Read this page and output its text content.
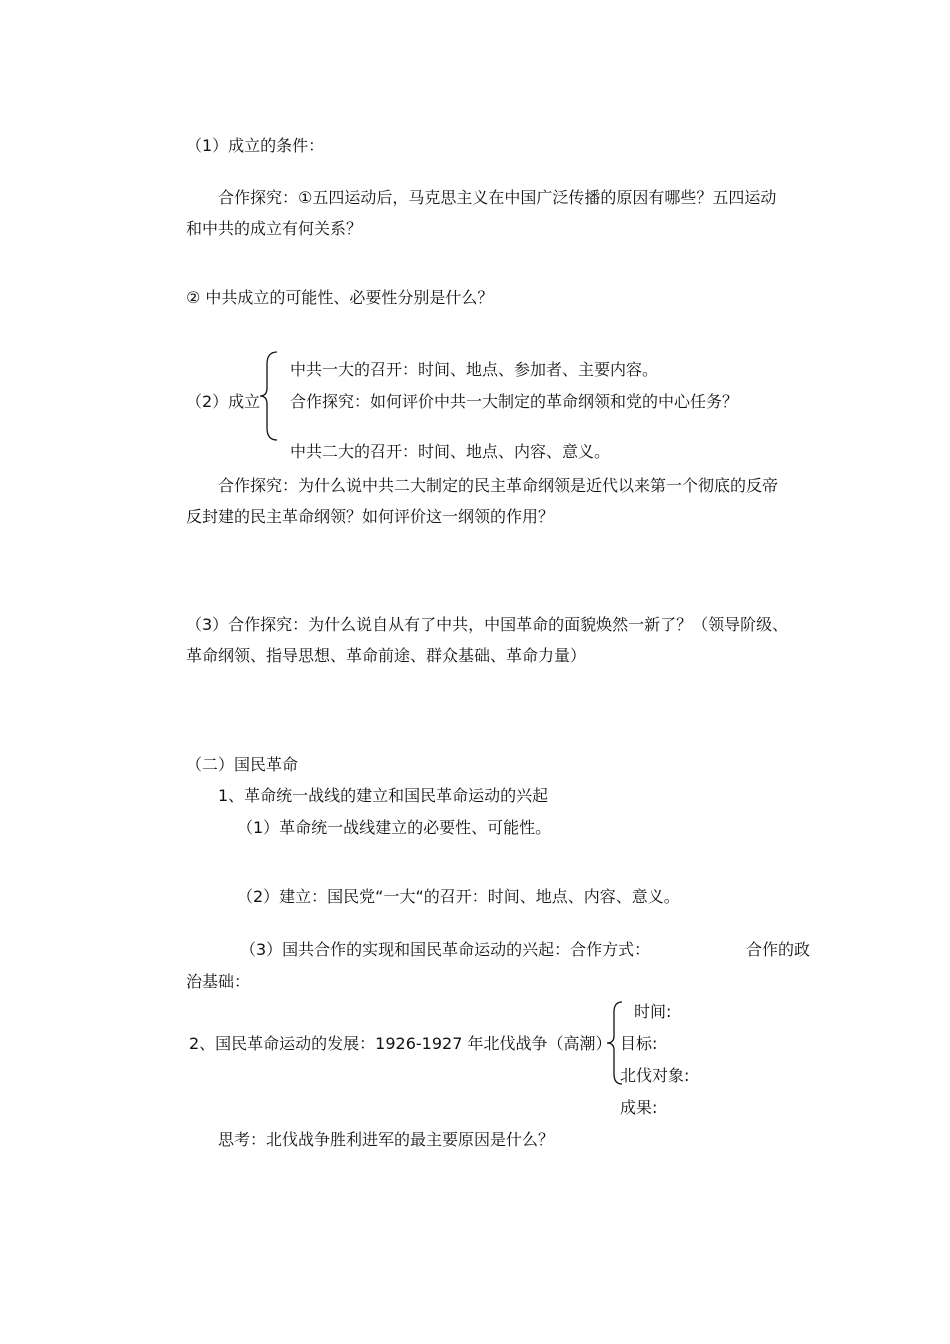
（1）成立的条件：
合作探究：①五四运动后，马克思主义在中国广泛传播的原因有哪些？五四运动
和中共的成立有何关系？
② 中共成立的可能性、必要性分别是什么？
（2）成立
中共一大的召开：时间、地点、参加者、主要内容。
合作探究：如何评价中共一大制定的革命纲领和党的中心任务？
中共二大的召开：时间、地点、内容、意义。
合作探究：为什么说中共二大制定的民主革命纲领是近代以来第一个彻底的反帝
反封建的民主革命纲领？如何评价这一纲领的作用？
（3）合作探究：为什么说自从有了中共，中国革命的面貌焕然一新了？（领导阶级、
革命纲领、指导思想、革命前途、群众基础、革命力量）
（二）国民革命
1、革命统一战线的建立和国民革命运动的兴起
（1）革命统一战线建立的必要性、可能性。
（2）建立：国民党“一大“的召开：时间、地点、内容、意义。
（3）国共合作的实现和国民革命运动的兴起：合作方式：	合作的政
治基础：
2、国民革命运动的发展：1926-1927 年北伐战争（高潮）
时间:
目标:
北伐对象:
成果:
思考：北伐战争胜利进军的最主要原因是什么？
